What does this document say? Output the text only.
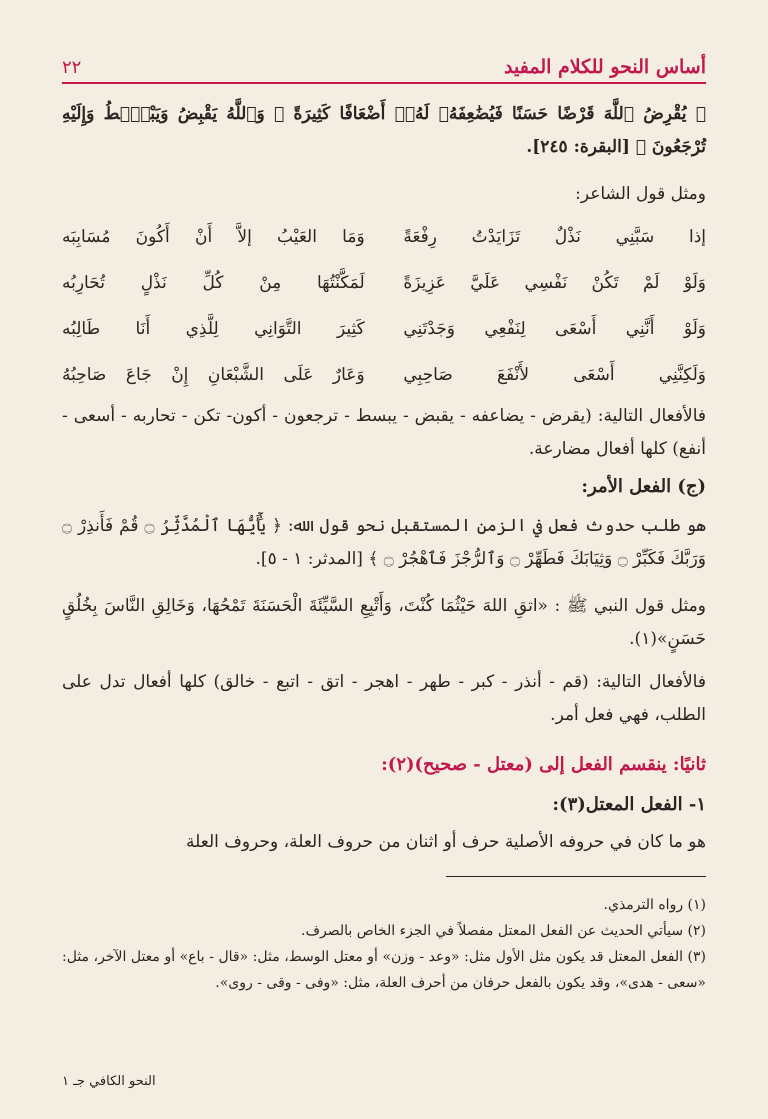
٢٢	أساس النحو للكلام المفيد
﴿ يُقْرِضُ ٱللَّهَ قَرْضًا حَسَنًا فَيُضَٰعِفَهُۥ لَهُۥٓ أَضْعَافًا كَثِيرَةً ۚ وَٱللَّهُ يَقْبِضُ وَيَبْصُۜطُ وَإِلَيْهِ تُرْجَعُونَ ﴾ [البقرة: ٢٤٥].
ومثل قول الشاعر:
إذا سَبَّنِي نَذْلٌ تَزَايَدْتُ رِفْعَةً
وَمَا العَيْبُ إلاَّ أَنْ أَكُونَ مُسَابِبَه
وَلَوْ لَمْ تَكُنْ نَفْسِي عَلَيَّ عَزِيزَةً
لَمَكَّنْتُهَا مِنْ كُلِّ نَذْلٍ تُحَارِبُه
وَلَوْ أَنَّنِي أَسْعَى لِنَفْعِي وَجَدْتَنِي
كَثِيرَ التَّوَانِي لِلَّذِي أَنَا طَالِبُه
وَلَكِنَّنِي أَسْعَى لأَنْفَعَ صَاحِبِي
وَعَارٌ عَلَى الشَّبْعَانِ إِنْ جَاعَ صَاحِبُهُ
فالأفعال التالية: (يقرض - يضاعفه - يقبض - يبسط - ترجعون - أكون- تكن - تحاربه - أسعى - أنفع) كلها أفعال مضارعة.
(ج) الفعل الأمر:
هو طلب حدوث فعل في الزمن المستقبل نحو قول الله: ﴿ يَٰٓأَيُّهَا ٱلْمُدَّثِّرُ ۝ قُمْ فَأَنذِرْ ۝ وَرَبَّكَ فَكَبِّرْ ۝ وَثِيَابَكَ فَطَهِّرْ ۝ وَٱلرُّجْزَ فَٱهْجُرْ ۝ ﴾ [المدثر: ١ - ٥].
ومثل قول النبي ﷺ : «اتقِ اللهَ حَيْثُمَا كُنْتَ، وَأَتْبِعِ السَّيِّئَةَ الْحَسَنَةَ تَمْحُهَا، وَخَالِقِ النَّاسَ بِخُلُقٍ حَسَنٍ»(١).
فالأفعال التالية: (قم - أنذر - كبر - طهر - اهجر - اتق - اتبع - خالق) كلها أفعال تدل على الطلب، فهي فعل أمر.
ثانيًا: ينقسم الفعل إلى (معتل - صحيح)(٢):
١- الفعل المعتل(٣):
هو ما كان في حروفه الأصلية حرف أو اثنان من حروف العلة، وحروف العلة

(١) رواه الترمذي.

(٢) سيأتي الحديث عن الفعل المعتل مفصلاً في الجزء الخاص بالصرف.

(٣) الفعل المعتل قد يكون مثل الأول مثل: «وعد - وزن» أو معتل الوسط، مثل: «قال - باع» أو معتل الآخر، مثل: «سعى - هدى»، وقد يكون بالفعل حرفان من أحرف العلة، مثل: «وفى - وقى - روى».

النحو الكافي جـ ١
